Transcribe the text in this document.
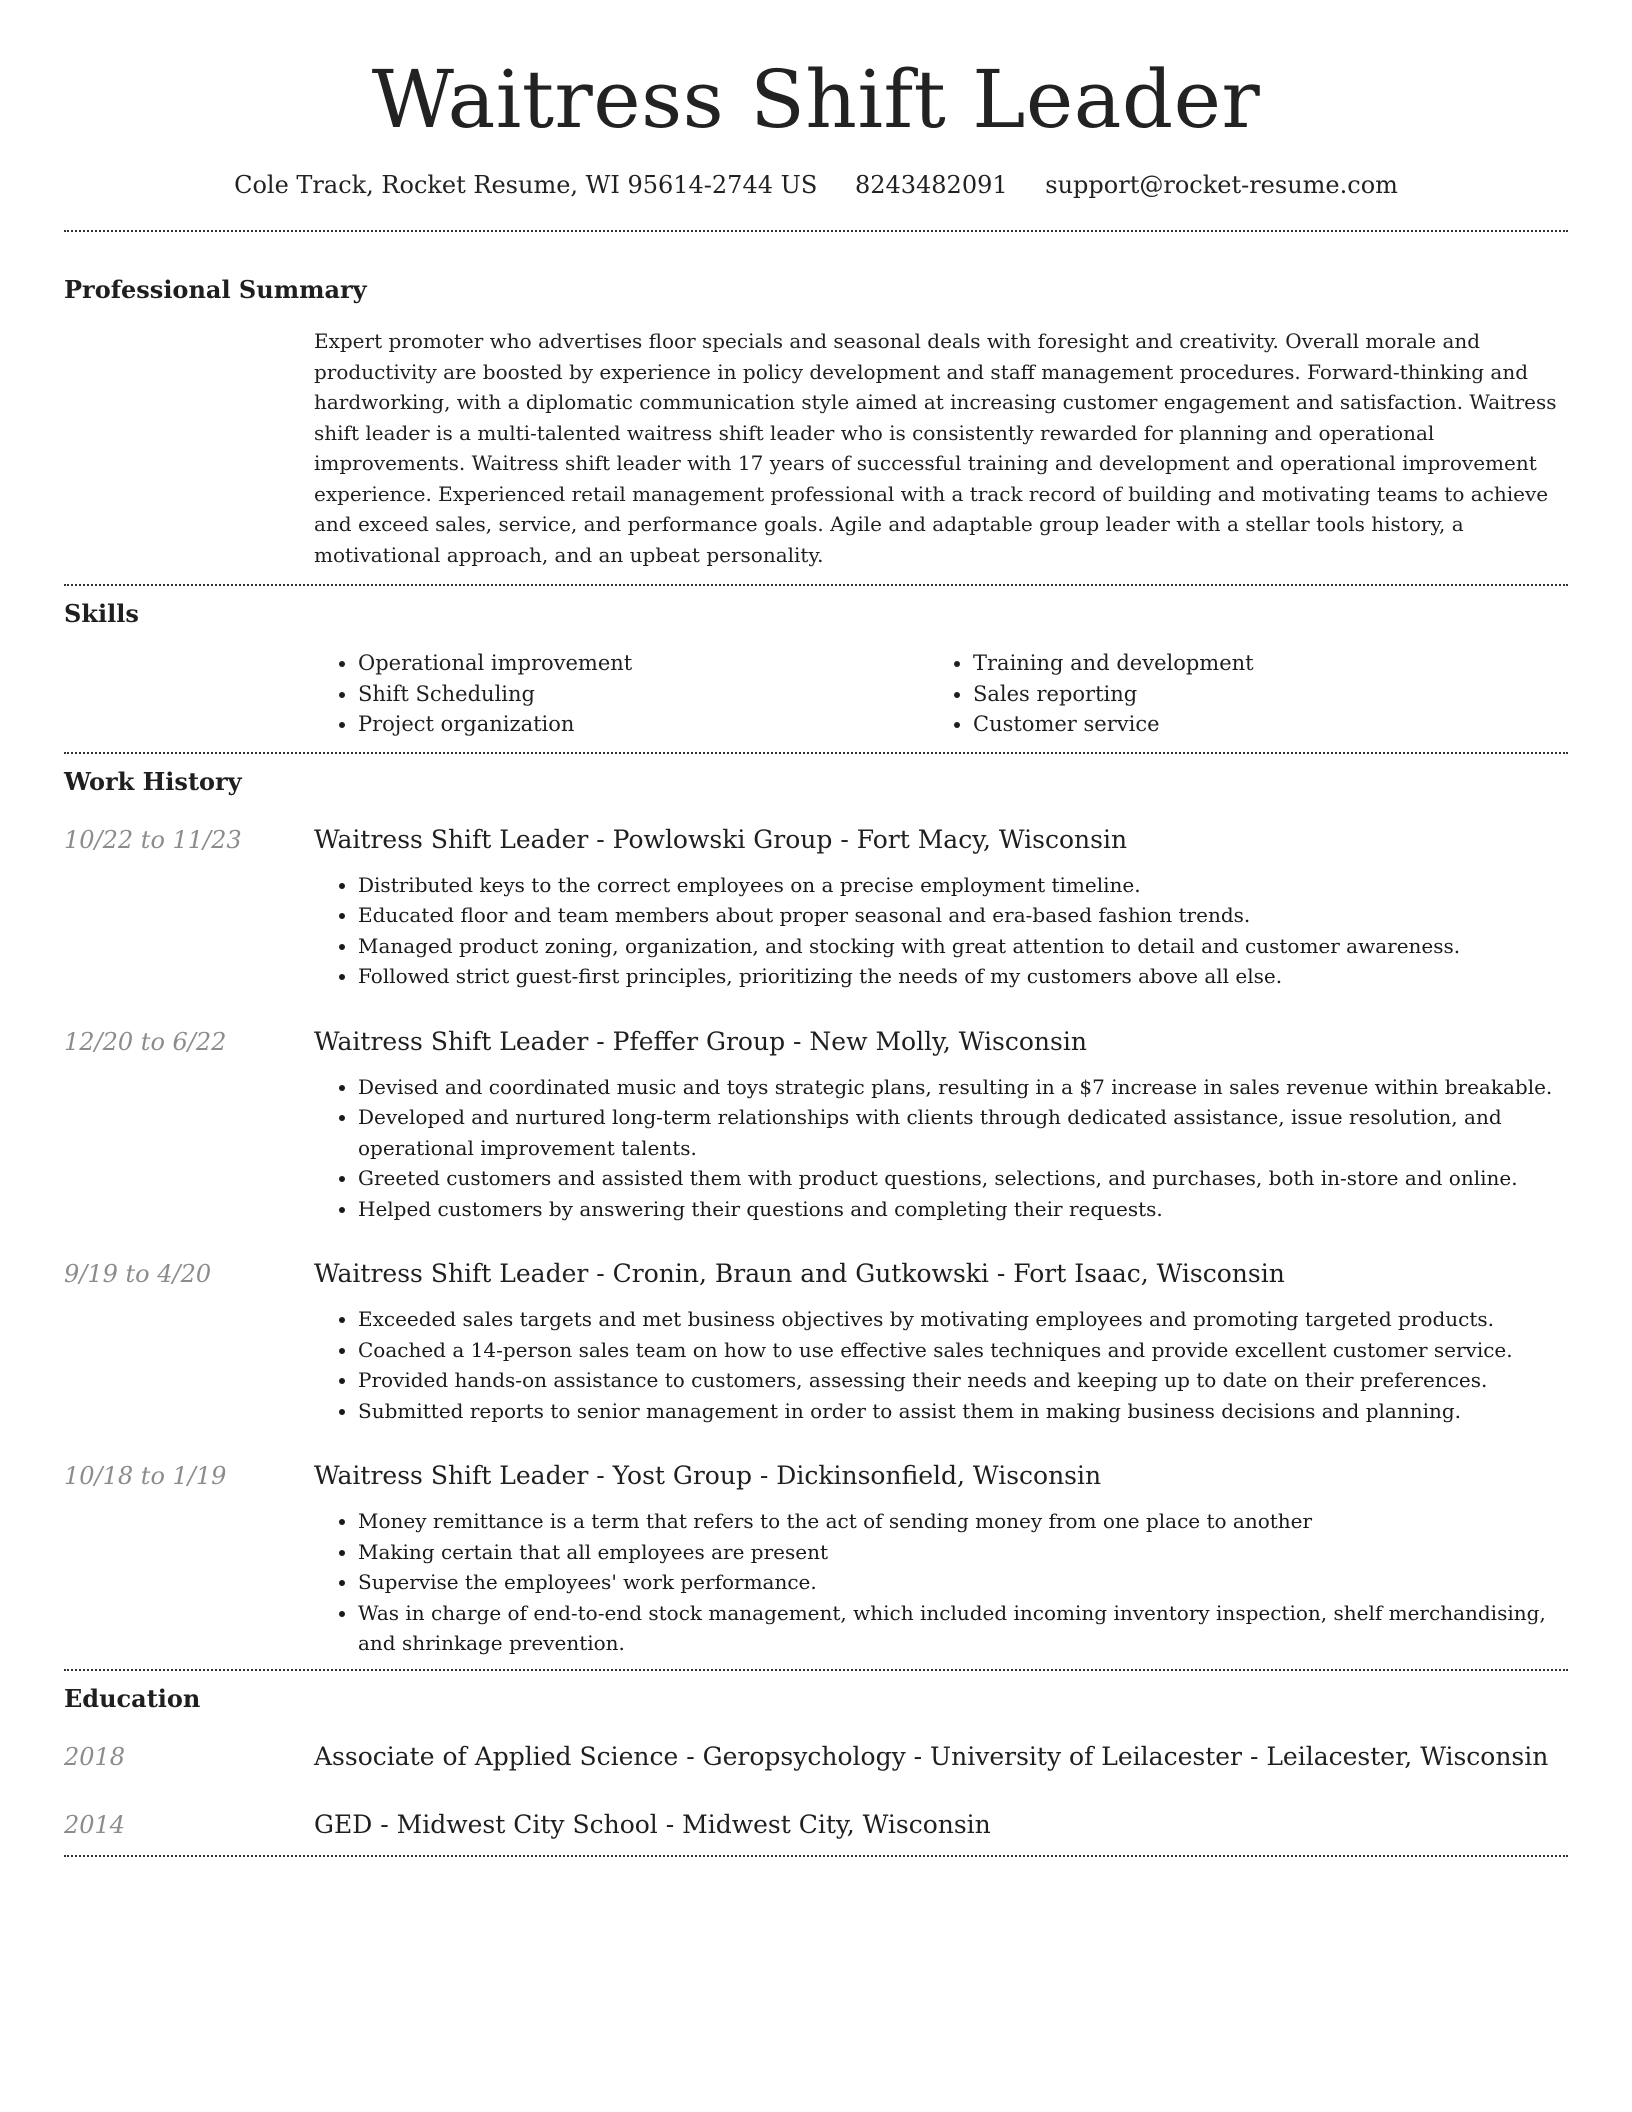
Waitress Shift Leader
Cole Track, Rocket Resume, WI 95614-2744 US 8243482091 support@rocket-resume.com
Professional Summary
Expert promoter who advertises floor specials and seasonal deals with foresight and creativity. Overall morale and productivity are boosted by experience in policy development and staff management procedures. Forward-thinking and hardworking, with a diplomatic communication style aimed at increasing customer engagement and satisfaction. Waitress shift leader is a multi-talented waitress shift leader who is consistently rewarded for planning and operational improvements. Waitress shift leader with 17 years of successful training and development and operational improvement experience. Experienced retail management professional with a track record of building and motivating teams to achieve and exceed sales, service, and performance goals. Agile and adaptable group leader with a stellar tools history, a motivational approach, and an upbeat personality.
Skills
• Operational improvement
• Shift Scheduling
• Project organization
• Training and development
• Sales reporting
• Customer service
Work History
10/22 to 11/23	Waitress Shift Leader - Powlowski Group - Fort Macy, Wisconsin
• Distributed keys to the correct employees on a precise employment timeline.
• Educated floor and team members about proper seasonal and era-based fashion trends.
• Managed product zoning, organization, and stocking with great attention to detail and customer awareness.
• Followed strict guest-first principles, prioritizing the needs of my customers above all else.
12/20 to 6/22	Waitress Shift Leader - Pfeffer Group - New Molly, Wisconsin
• Devised and coordinated music and toys strategic plans, resulting in a $7 increase in sales revenue within breakable.
• Developed and nurtured long-term relationships with clients through dedicated assistance, issue resolution, and operational improvement talents.
• Greeted customers and assisted them with product questions, selections, and purchases, both in-store and online.
• Helped customers by answering their questions and completing their requests.
9/19 to 4/20	Waitress Shift Leader - Cronin, Braun and Gutkowski - Fort Isaac, Wisconsin
• Exceeded sales targets and met business objectives by motivating employees and promoting targeted products.
• Coached a 14-person sales team on how to use effective sales techniques and provide excellent customer service.
• Provided hands-on assistance to customers, assessing their needs and keeping up to date on their preferences.
• Submitted reports to senior management in order to assist them in making business decisions and planning.
10/18 to 1/19	Waitress Shift Leader - Yost Group - Dickinsonfield, Wisconsin
• Money remittance is a term that refers to the act of sending money from one place to another
• Making certain that all employees are present
• Supervise the employees' work performance.
• Was in charge of end-to-end stock management, which included incoming inventory inspection, shelf merchandising, and shrinkage prevention.
Education
2018	Associate of Applied Science - Geropsychology - University of Leilacester - Leilacester, Wisconsin
2014	GED - Midwest City School - Midwest City, Wisconsin
